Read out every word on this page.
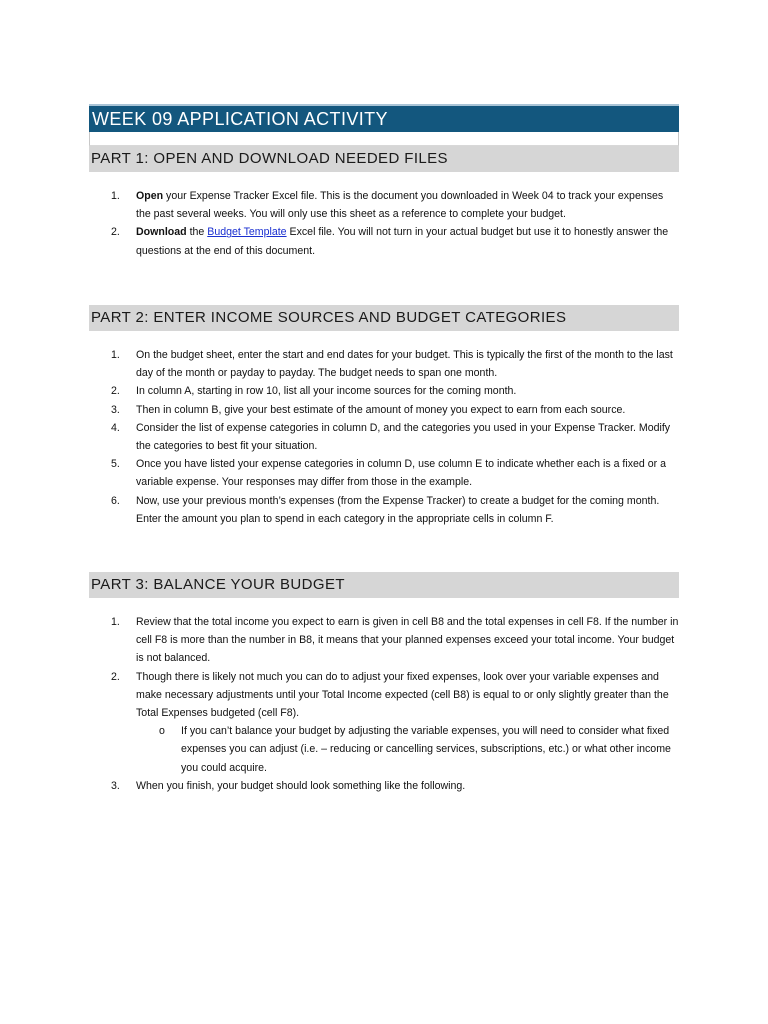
WEEK 09 APPLICATION ACTIVITY
PART 1: OPEN AND DOWNLOAD NEEDED FILES
1. Open your Expense Tracker Excel file. This is the document you downloaded in Week 04 to track your expenses the past several weeks. You will only use this sheet as a reference to complete your budget.
2. Download the Budget Template Excel file. You will not turn in your actual budget but use it to honestly answer the questions at the end of this document.
PART 2: ENTER INCOME SOURCES AND BUDGET CATEGORIES
1. On the budget sheet, enter the start and end dates for your budget. This is typically the first of the month to the last day of the month or payday to payday. The budget needs to span one month.
2. In column A, starting in row 10, list all your income sources for the coming month.
3. Then in column B, give your best estimate of the amount of money you expect to earn from each source.
4. Consider the list of expense categories in column D, and the categories you used in your Expense Tracker. Modify the categories to best fit your situation.
5. Once you have listed your expense categories in column D, use column E to indicate whether each is a fixed or a variable expense. Your responses may differ from those in the example.
6. Now, use your previous month’s expenses (from the Expense Tracker) to create a budget for the coming month. Enter the amount you plan to spend in each category in the appropriate cells in column F.
PART 3: BALANCE YOUR BUDGET
1. Review that the total income you expect to earn is given in cell B8 and the total expenses in cell F8. If the number in cell F8 is more than the number in B8, it means that your planned expenses exceed your total income. Your budget is not balanced.
2. Though there is likely not much you can do to adjust your fixed expenses, look over your variable expenses and make necessary adjustments until your Total Income expected (cell B8) is equal to or only slightly greater than the Total Expenses budgeted (cell F8).
o If you can’t balance your budget by adjusting the variable expenses, you will need to consider what fixed expenses you can adjust (i.e. – reducing or cancelling services, subscriptions, etc.) or what other income you could acquire.
3. When you finish, your budget should look something like the following.
